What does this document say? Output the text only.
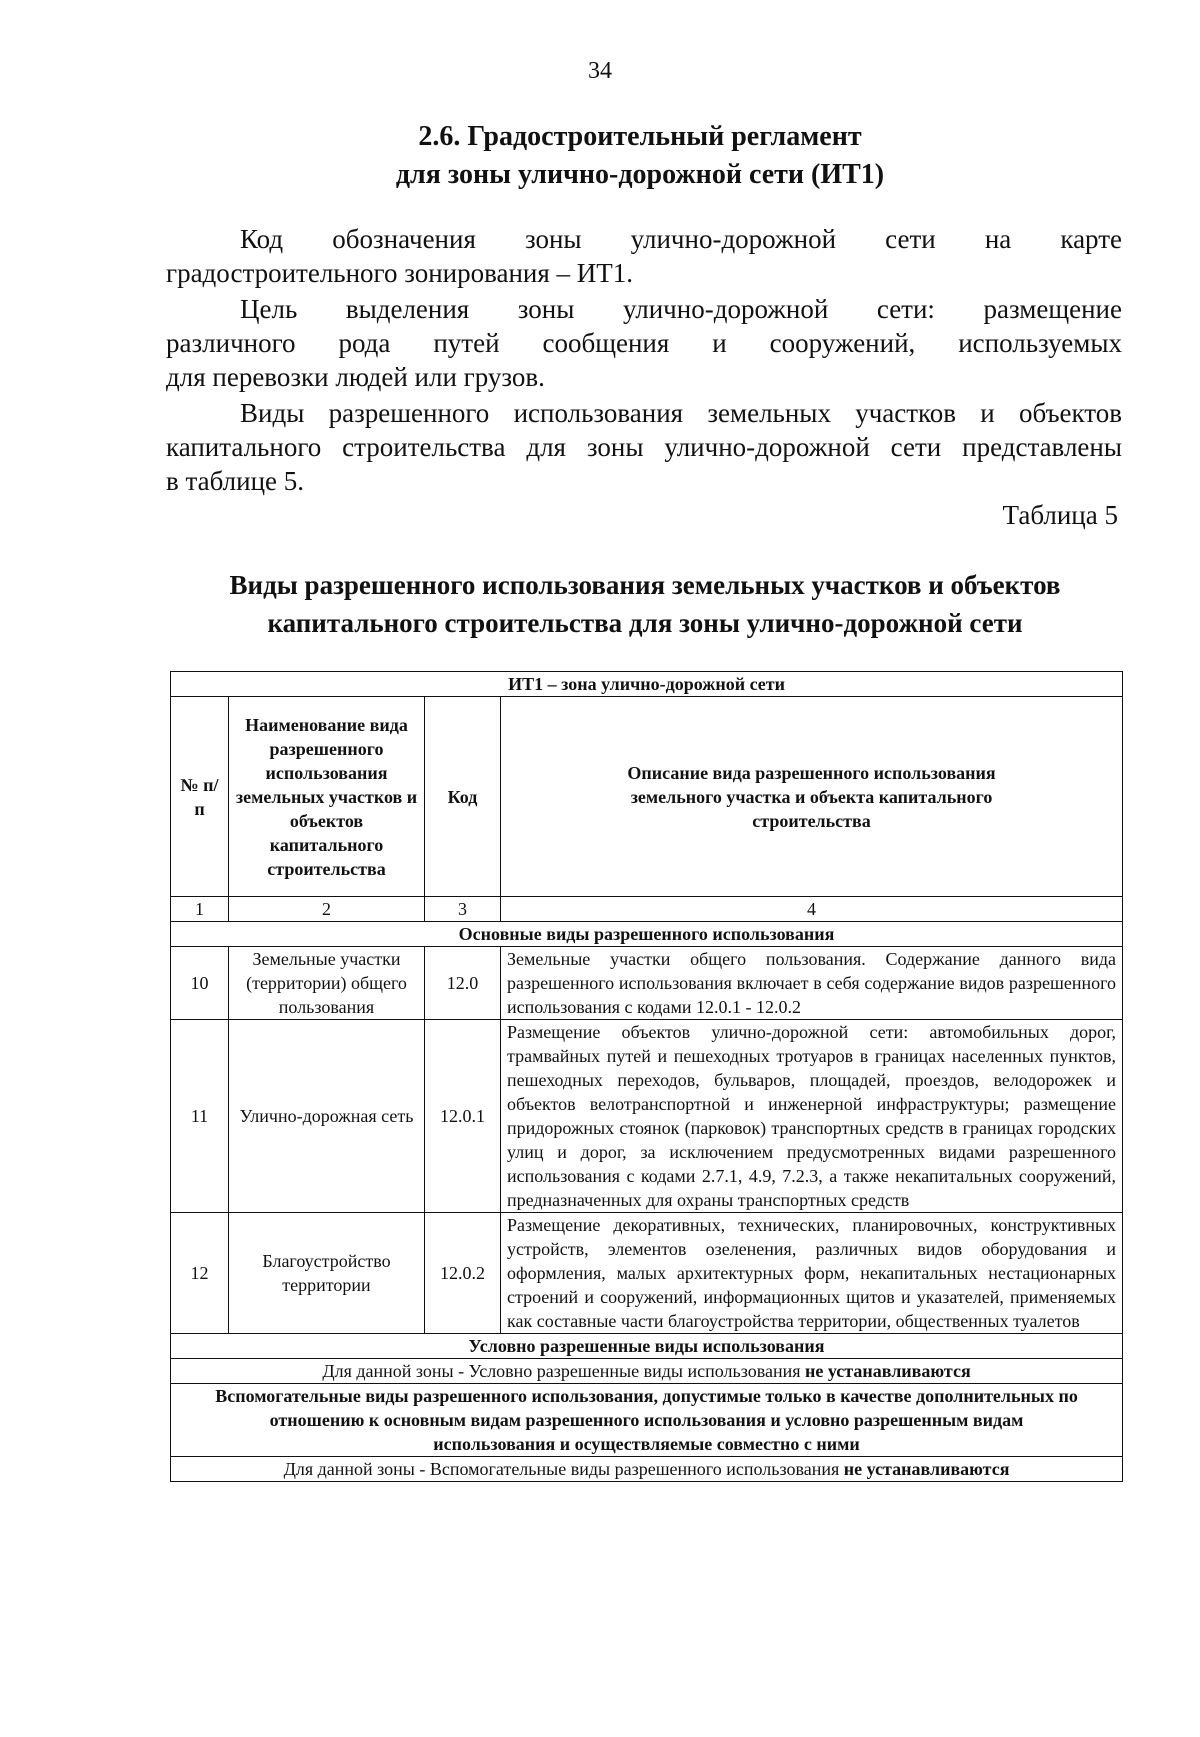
34
2.6. Градостроительный регламент
для зоны улично-дорожной сети (ИТ1)
Код обозначения зоны улично-дорожной сети на карте
градостроительного зонирования – ИТ1.
Цель выделения зоны улично-дорожной сети: размещение
различного рода путей сообщения и сооружений, используемых
для перевозки людей или грузов.
Виды разрешенного использования земельных участков и объектов
капитального строительства для зоны улично-дорожной сети представлены
в таблице 5.
Таблица 5
Виды разрешенного использования земельных участков и объектов
капитального строительства для зоны улично-дорожной сети
ИТ1 – зона улично-дорожной сети			
№ п/п	Наименование вида разрешенного использования земельных участков и объектов капитального строительства	Код	Описание вида разрешенного использования земельного участка и объекта капитального строительства
1	2	3	4
Основные виды разрешенного использования			
10	Земельные участки (территории) общего пользования	12.0	Земельные участки общего пользования. Содержание данного вида разрешенного использования включает в себя содержание видов разрешенного использования с кодами 12.0.1 - 12.0.2
11	Улично-дорожная сеть	12.0.1	Размещение объектов улично-дорожной сети: автомобильных дорог, трамвайных путей и пешеходных тротуаров в границах населенных пунктов, пешеходных переходов, бульваров, площадей, проездов, велодорожек и объектов велотранспортной и инженерной инфраструктуры; размещение придорожных стоянок (парковок) транспортных средств в границах городских улиц и дорог, за исключением предусмотренных видами разрешенного использования с кодами 2.7.1, 4.9, 7.2.3, а также некапитальных сооружений, предназначенных для охраны транспортных средств
12	Благоустройство территории	12.0.2	Размещение декоративных, технических, планировочных, конструктивных устройств, элементов озеленения, различных видов оборудования и оформления, малых архитектурных форм, некапитальных нестационарных строений и сооружений, информационных щитов и указателей, применяемых как составные части благоустройства территории, общественных туалетов
Условно разрешенные виды использования			
Для данной зоны - Условно разрешенные виды использования не устанавливаются			
Вспомогательные виды разрешенного использования, допустимые только в качестве дополнительных по отношению к основным видам разрешенного использования и условно разрешенным видам использования и осуществляемые совместно с ними			
Для данной зоны - Вспомогательные виды разрешенного использования не устанавливаются			
